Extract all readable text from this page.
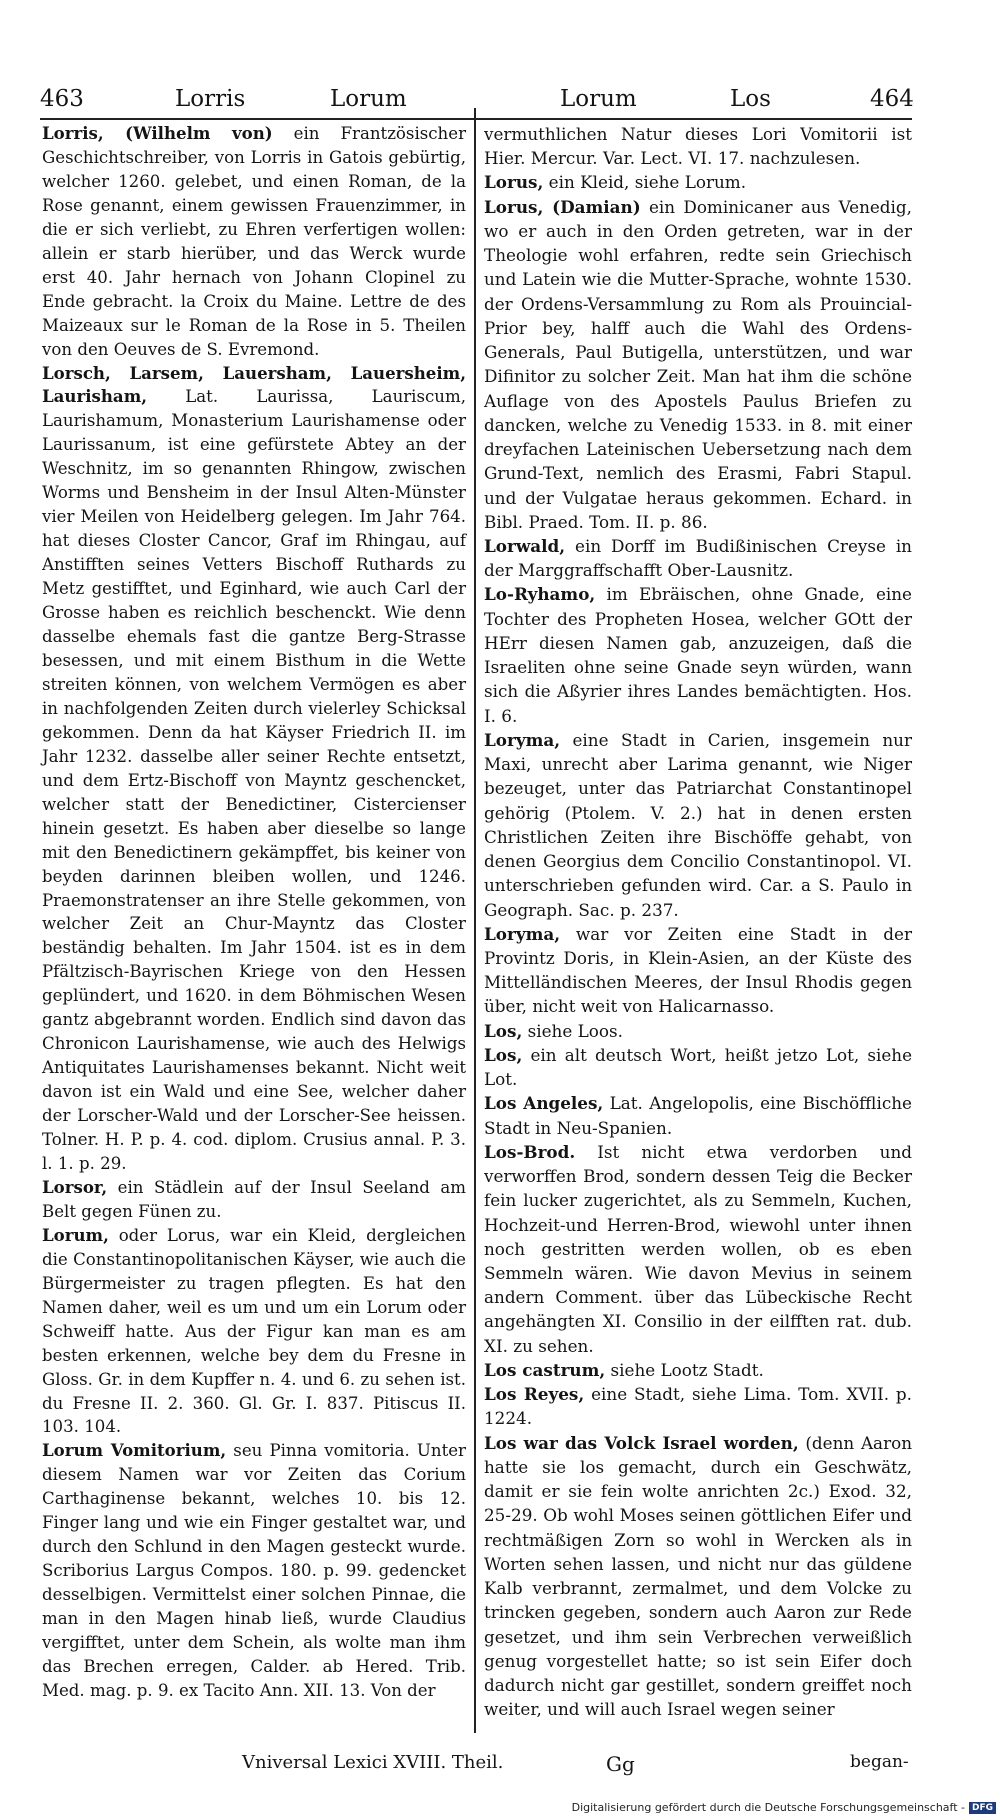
463	Lorris	Lorum	Lorum	Los	464

Lorris, (Wilhelm von) ein Frantzösischer Geschichtschreiber, von Lorris in Gatois gebürtig, welcher 1260. gelebet, und einen Roman, de la Rose genannt, einem gewissen Frauenzimmer, in die er sich verliebt, zu Ehren verfertigen wollen: allein er starb hierüber, und das Werck wurde erst 40. Jahr hernach von Johann Clopinel zu Ende gebracht. la Croix du Maine. Lettre de des Maizeaux sur le Roman de la Rose in 5. Theilen von den Oeuves de S. Evremond.

Lorsch, Larsem, Lauersham, Lauersheim, Laurisham, Lat. Laurissa, Lauriscum, Laurishamum, Monasterium Laurishamense oder Laurissanum, ist eine gefürstete Abtey an der Weschnitz, im so genannten Rhingow, zwischen Worms und Bensheim in der Insul Alten-Münster vier Meilen von Heidelberg gelegen. Im Jahr 764. hat dieses Closter Cancor, Graf im Rhingau, auf Anstifften seines Vetters Bischoff Ruthards zu Metz gestifftet, und Eginhard, wie auch Carl der Grosse haben es reichlich beschenckt. Wie denn dasselbe ehemals fast die gantze Berg-Strasse besessen, und mit einem Bisthum in die Wette streiten können, von welchem Vermögen es aber in nachfolgenden Zeiten durch vielerley Schicksal gekommen. Denn da hat Käyser Friedrich II. im Jahr 1232. dasselbe aller seiner Rechte entsetzt, und dem Ertz-Bischoff von Mayntz geschencket, welcher statt der Benedictiner, Cistercienser hinein gesetzt. Es haben aber dieselbe so lange mit den Benedictinern gekämpffet, bis keiner von beyden darinnen bleiben wollen, und 1246. Praemonstratenser an ihre Stelle gekommen, von welcher Zeit an Chur-Mayntz das Closter beständig behalten. Im Jahr 1504. ist es in dem Pfältzisch-Bayrischen Kriege von den Hessen geplündert, und 1620. in dem Böhmischen Wesen gantz abgebrannt worden. Endlich sind davon das Chronicon Laurishamense, wie auch des Helwigs Antiquitates Laurishamenses bekannt. Nicht weit davon ist ein Wald und eine See, welcher daher der Lorscher-Wald und der Lorscher-See heissen. Tolner. H. P. p. 4. cod. diplom. Crusius annal. P. 3. l. 1. p. 29.

Lorsor, ein Städlein auf der Insul Seeland am Belt gegen Fünen zu.

Lorum, oder Lorus, war ein Kleid, dergleichen die Constantinopolitanischen Käyser, wie auch die Bürgermeister zu tragen pflegten. Es hat den Namen daher, weil es um und um ein Lorum oder Schweiff hatte. Aus der Figur kan man es am besten erkennen, welche bey dem du Fresne in Gloss. Gr. in dem Kupffer n. 4. und 6. zu sehen ist. du Fresne II. 2. 360. Gl. Gr. I. 837. Pitiscus II. 103. 104.

Lorum Vomitorium, seu Pinna vomitoria. Unter diesem Namen war vor Zeiten das Corium Carthaginense bekannt, welches 10. bis 12. Finger lang und wie ein Finger gestaltet war, und durch den Schlund in den Magen gesteckt wurde. Scriborius Largus Compos. 180. p. 99. gedencket desselbigen. Vermittelst einer solchen Pinnae, die man in den Magen hinab ließ, wurde Claudius vergifftet, unter dem Schein, als wolte man ihm das Brechen erregen, Calder. ab Hered. Trib. Med. mag. p. 9. ex Tacito Ann. XII. 13. Von der

vermuthlichen Natur dieses Lori Vomitorii ist Hier. Mercur. Var. Lect. VI. 17. nachzulesen.

Lorus, ein Kleid, siehe Lorum.

Lorus, (Damian) ein Dominicaner aus Venedig, wo er auch in den Orden getreten, war in der Theologie wohl erfahren, redte sein Griechisch und Latein wie die Mutter-Sprache, wohnte 1530. der Ordens-Versammlung zu Rom als Prouincial-Prior bey, halff auch die Wahl des Ordens-Generals, Paul Butigella, unterstützen, und war Difinitor zu solcher Zeit. Man hat ihm die schöne Auflage von des Apostels Paulus Briefen zu dancken, welche zu Venedig 1533. in 8. mit einer dreyfachen Lateinischen Uebersetzung nach dem Grund-Text, nemlich des Erasmi, Fabri Stapul. und der Vulgatae heraus gekommen. Echard. in Bibl. Praed. Tom. II. p. 86.

Lorwald, ein Dorff im Budißinischen Creyse in der Marggraffschafft Ober-Lausnitz.

Lo-Ryhamo, im Ebräischen, ohne Gnade, eine Tochter des Propheten Hosea, welcher GOtt der HErr diesen Namen gab, anzuzeigen, daß die Israeliten ohne seine Gnade seyn würden, wann sich die Aßyrier ihres Landes bemächtigten. Hos. I. 6.

Loryma, eine Stadt in Carien, insgemein nur Maxi, unrecht aber Larima genannt, wie Niger bezeuget, unter das Patriarchat Constantinopel gehörig (Ptolem. V. 2.) hat in denen ersten Christlichen Zeiten ihre Bischöffe gehabt, von denen Georgius dem Concilio Constantinopol. VI. unterschrieben gefunden wird. Car. a S. Paulo in Geograph. Sac. p. 237.

Loryma, war vor Zeiten eine Stadt in der Provintz Doris, in Klein-Asien, an der Küste des Mittelländischen Meeres, der Insul Rhodis gegen über, nicht weit von Halicarnasso.

Los, siehe Loos.

Los, ein alt deutsch Wort, heißt jetzo Lot, siehe Lot.

Los Angeles, Lat. Angelopolis, eine Bischöffliche Stadt in Neu-Spanien.

Los-Brod. Ist nicht etwa verdorben und verworffen Brod, sondern dessen Teig die Becker fein lucker zugerichtet, als zu Semmeln, Kuchen, Hochzeit-und Herren-Brod, wiewohl unter ihnen noch gestritten werden wollen, ob es eben Semmeln wären. Wie davon Mevius in seinem andern Comment. über das Lübeckische Recht angehängten XI. Consilio in der eilfften rat. dub. XI. zu sehen.

Los castrum, siehe Lootz Stadt.

Los Reyes, eine Stadt, siehe Lima. Tom. XVII. p. 1224.

Los war das Volck Israel worden, (denn Aaron hatte sie los gemacht, durch ein Geschwätz, damit er sie fein wolte anrichten 2c.) Exod. 32, 25-29. Ob wohl Moses seinen göttlichen Eifer und rechtmäßigen Zorn so wohl in Wercken als in Worten sehen lassen, und nicht nur das güldene Kalb verbrannt, zermalmet, und dem Volcke zu trincken gegeben, sondern auch Aaron zur Rede gesetzet, und ihm sein Verbrechen verweißlich genug vorgestellet hatte; so ist sein Eifer doch dadurch nicht gar gestillet, sondern greiffet noch weiter, und will auch Israel wegen seiner

Vniversal Lexici XVIII. Theil.	Gg	began-
Digitalisierung gefördert durch die Deutsche Forschungsgemeinschaft - DFG
